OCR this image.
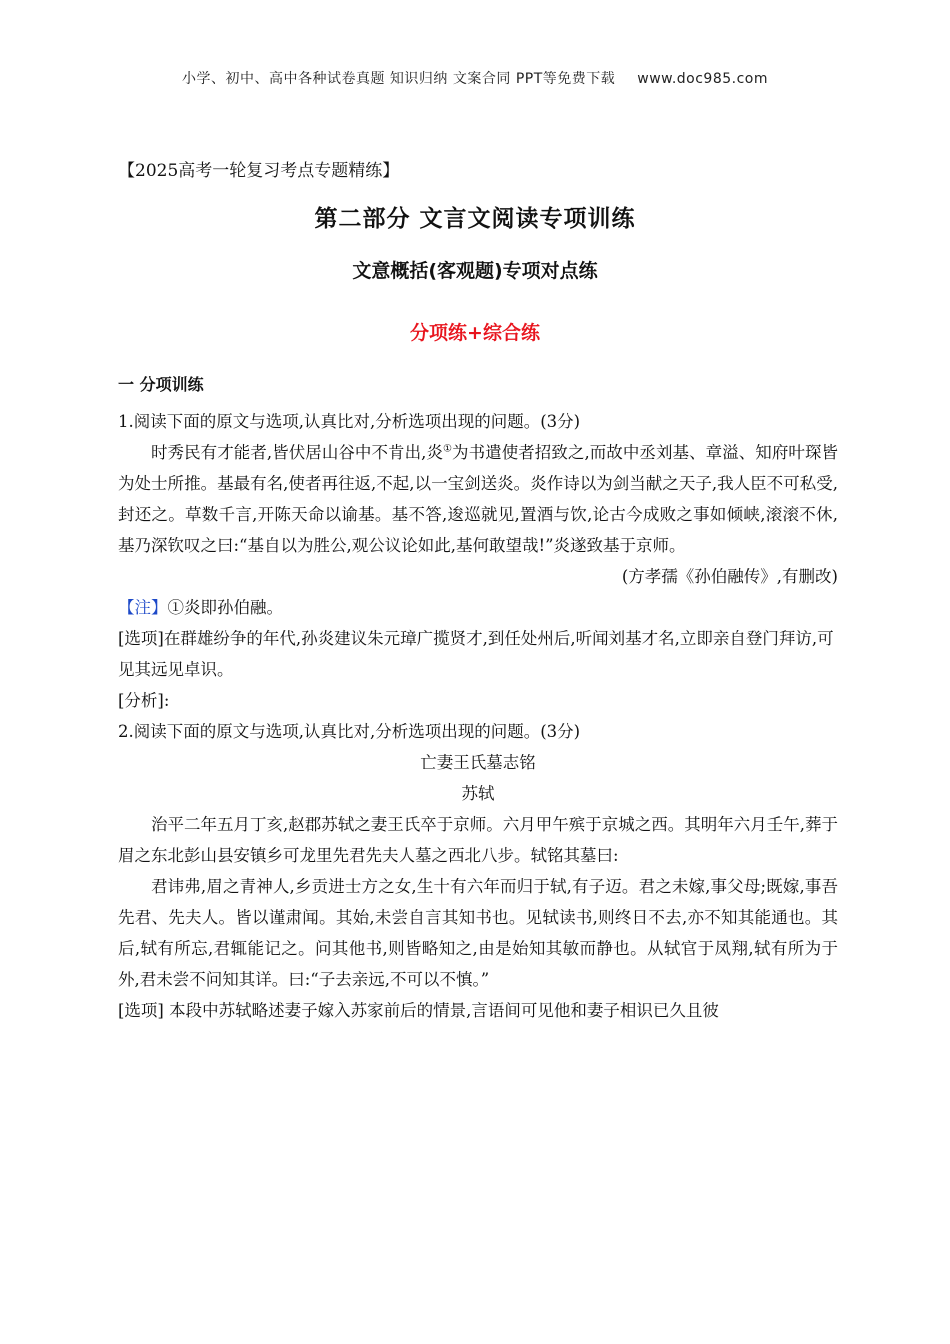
小学、初中、高中各种试卷真题 知识归纳 文案合同 PPT等免费下载 www.doc985.com
【2025高考一轮复习考点专题精练】
第二部分 文言文阅读专项训练
文意概括(客观题)专项对点练
分项练+综合练
一 分项训练

1.阅读下面的原文与选项,认真比对,分析选项出现的问题。(3分)

时秀民有才能者,皆伏居山谷中不肯出,炎①为书遣使者招致之,而故中丞刘基、章溢、知府叶琛皆为处士所推。基最有名,使者再往返,不起,以一宝剑送炎。炎作诗以为剑当献之天子,我人臣不可私受,封还之。草数千言,开陈天命以谕基。基不答,逡巡就见,置酒与饮,论古今成败之事如倾峡,滚滚不休,基乃深钦叹之曰:“基自以为胜公,观公议论如此,基何敢望哉!”炎遂致基于京师。

(方孝孺《孙伯融传》,有删改)

【注】①炎即孙伯融。

[选项]在群雄纷争的年代,孙炎建议朱元璋广揽贤才,到任处州后,听闻刘基才名,立即亲自登门拜访,可见其远见卓识。

[分析]:

2.阅读下面的原文与选项,认真比对,分析选项出现的问题。(3分)

亡妻王氏墓志铭

苏轼

治平二年五月丁亥,赵郡苏轼之妻王氏卒于京师。六月甲午殡于京城之西。其明年六月壬午,葬于眉之东北彭山县安镇乡可龙里先君先夫人墓之西北八步。轼铭其墓曰:

君讳弗,眉之青神人,乡贡进士方之女,生十有六年而归于轼,有子迈。君之未嫁,事父母;既嫁,事吾先君、先夫人。皆以谨肃闻。其始,未尝自言其知书也。见轼读书,则终日不去,亦不知其能通也。其后,轼有所忘,君辄能记之。问其他书,则皆略知之,由是始知其敏而静也。从轼官于凤翔,轼有所为于外,君未尝不问知其详。曰:“子去亲远,不可以不慎。”

[选项] 本段中苏轼略述妻子嫁入苏家前后的情景,言语间可见他和妻子相识已久且彼
